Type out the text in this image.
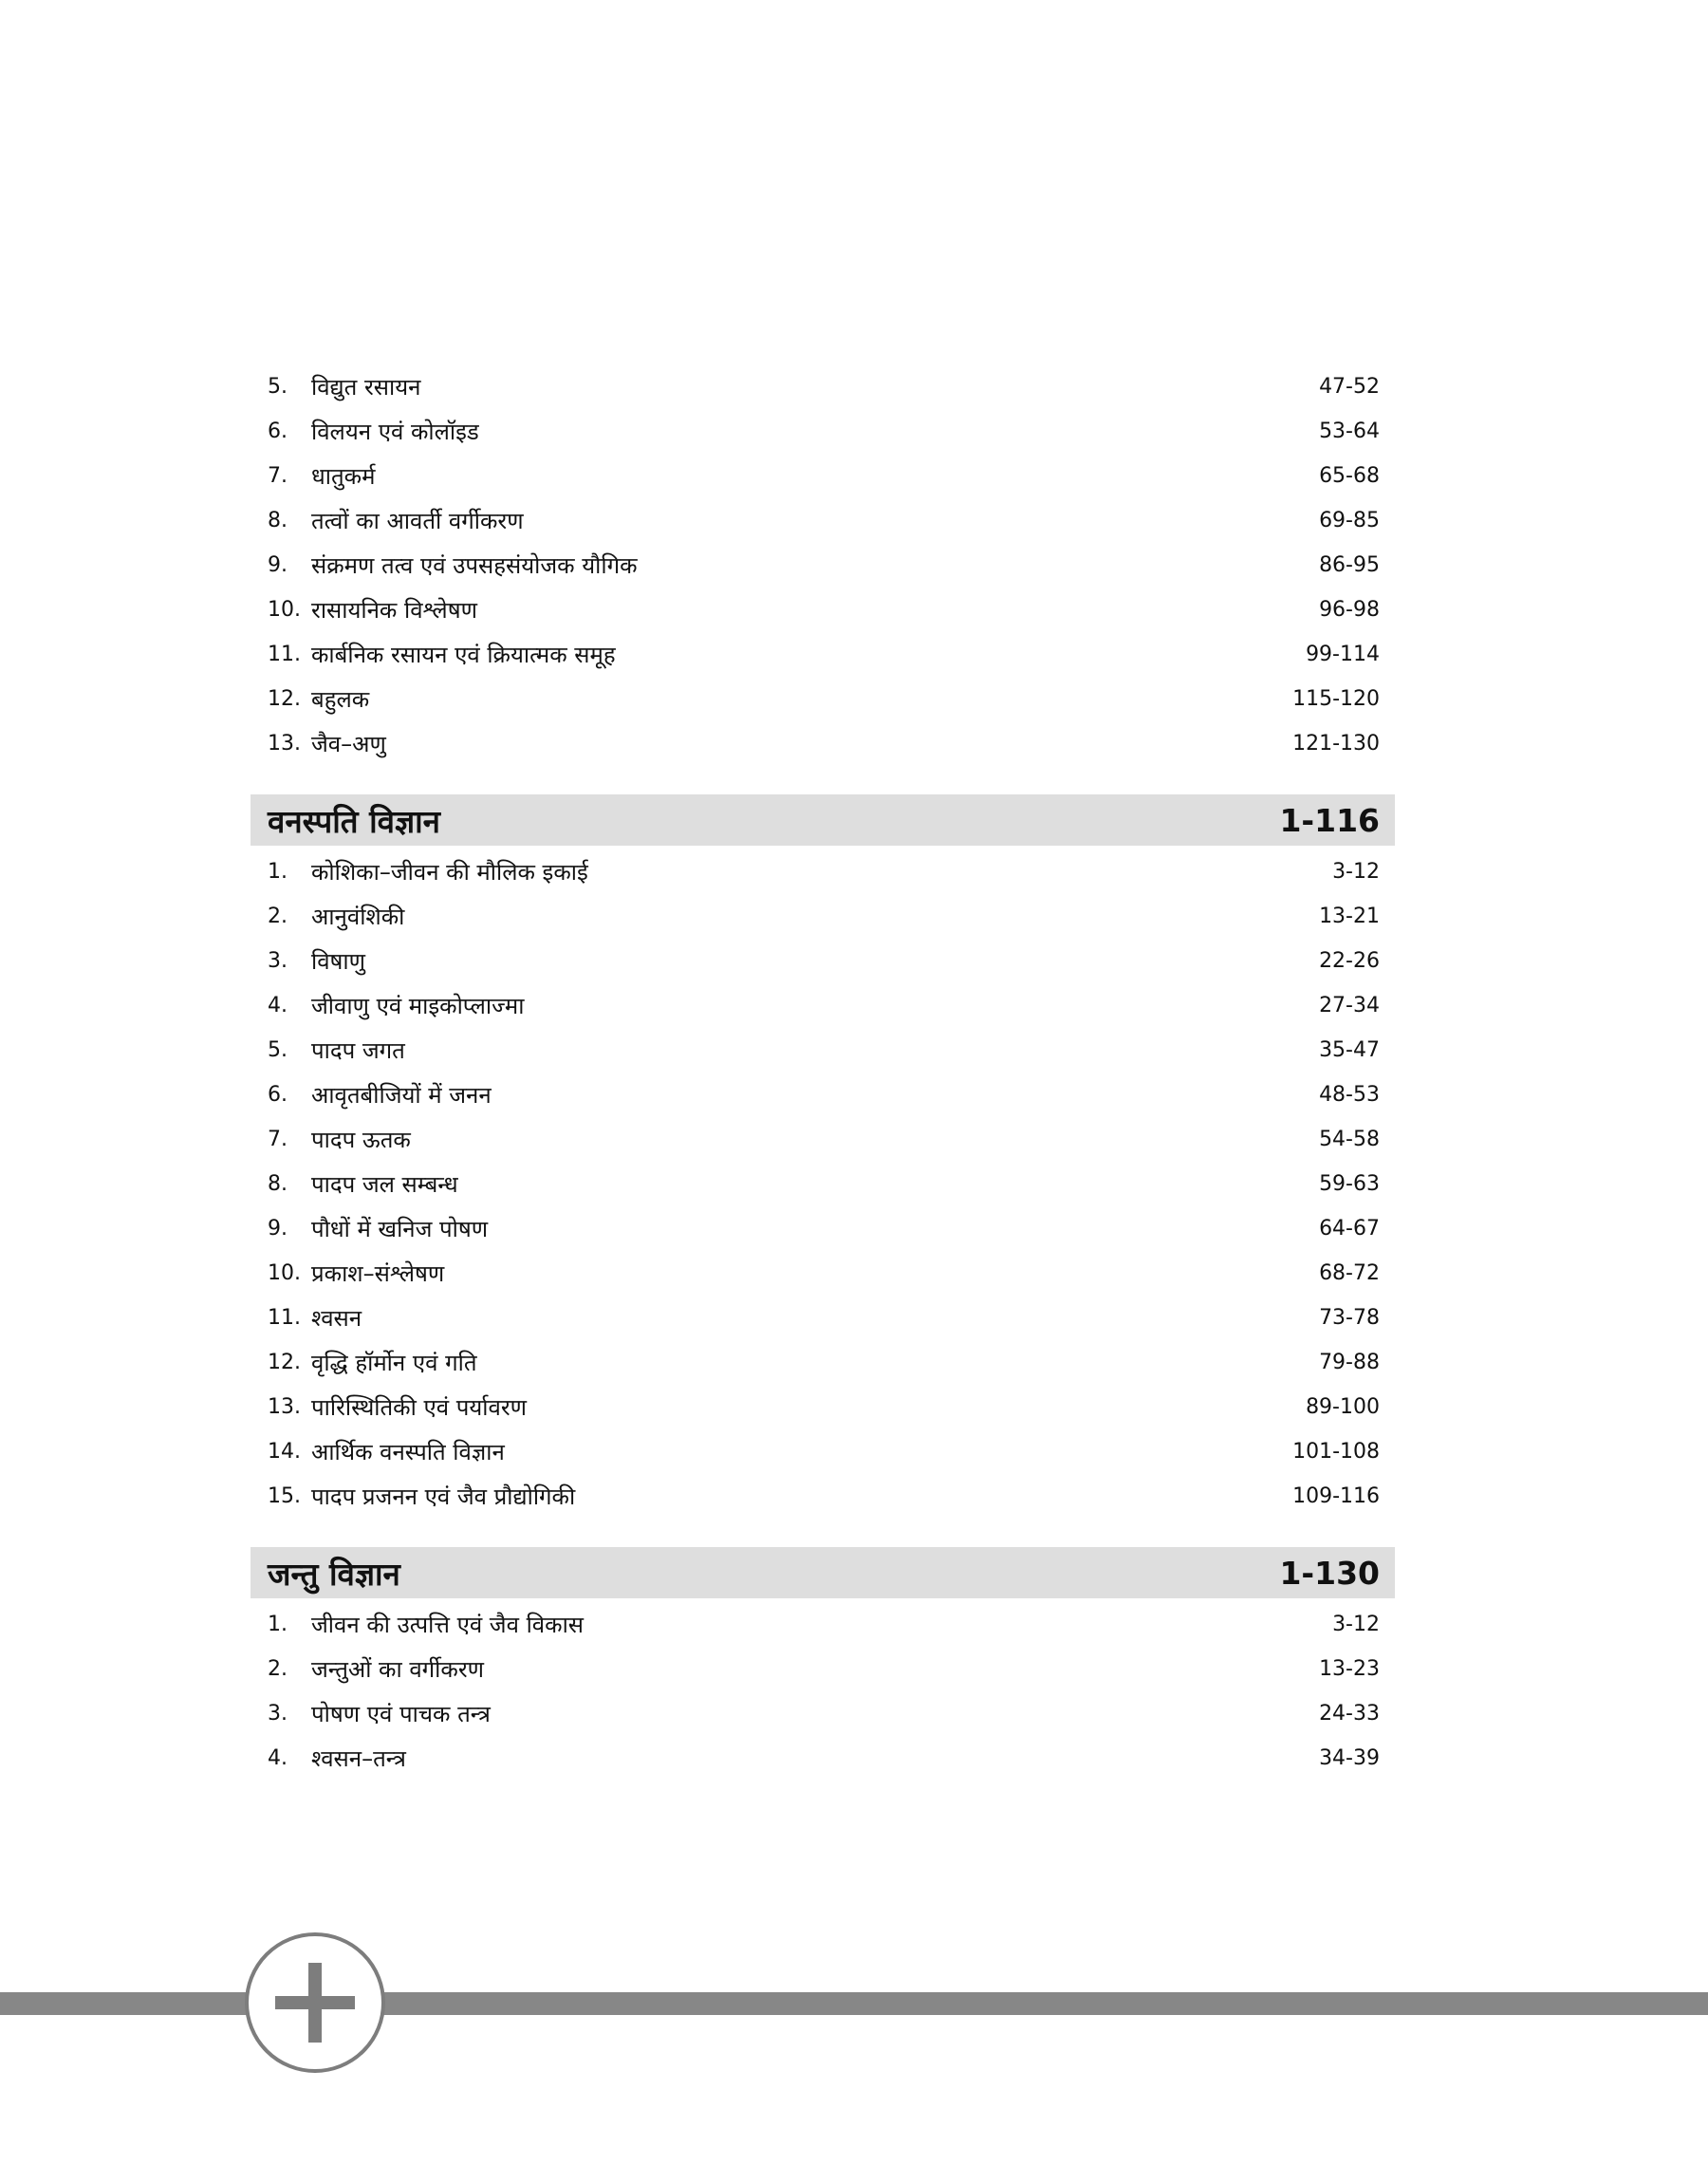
5.	विद्युत रसायन	47-52
6.	विलयन एवं कोलॉइड	53-64
7.	धातुकर्म	65-68
8.	तत्वों का आवर्ती वर्गीकरण	69-85
9.	संक्रमण तत्व एवं उपसहसंयोजक यौगिक	86-95
10. रासायनिक विश्लेषण	96-98
11. कार्बनिक रसायन एवं क्रियात्मक समूह	99-114
12. बहुलक	115-120
13. जैव–अणु	121-130
वनस्पति विज्ञान	1-116
1.	कोशिका–जीवन की मौलिक इकाई	3-12
2.	आनुवंशिकी	13-21
3.	विषाणु	22-26
4.	जीवाणु एवं माइकोप्लाज्मा	27-34
5.	पादप जगत	35-47
6.	आवृतबीजियों में जनन	48-53
7.	पादप ऊतक	54-58
8.	पादप जल सम्बन्ध	59-63
9.	पौधों में खनिज पोषण	64-67
10. प्रकाश–संश्लेषण	68-72
11. श्वसन	73-78
12. वृद्धि हॉर्मोन एवं गति	79-88
13. पारिस्थितिकी एवं पर्यावरण	89-100
14. आर्थिक वनस्पति विज्ञान	101-108
15. पादप प्रजनन एवं जैव प्रौद्योगिकी	109-116
जन्तु विज्ञान	1-130
1.	जीवन की उत्पत्ति एवं जैव विकास	3-12
2.	जन्तुओं का वर्गीकरण	13-23
3.	पोषण एवं पाचक तन्त्र	24-33
4.	श्वसन–तन्त्र	34-39
